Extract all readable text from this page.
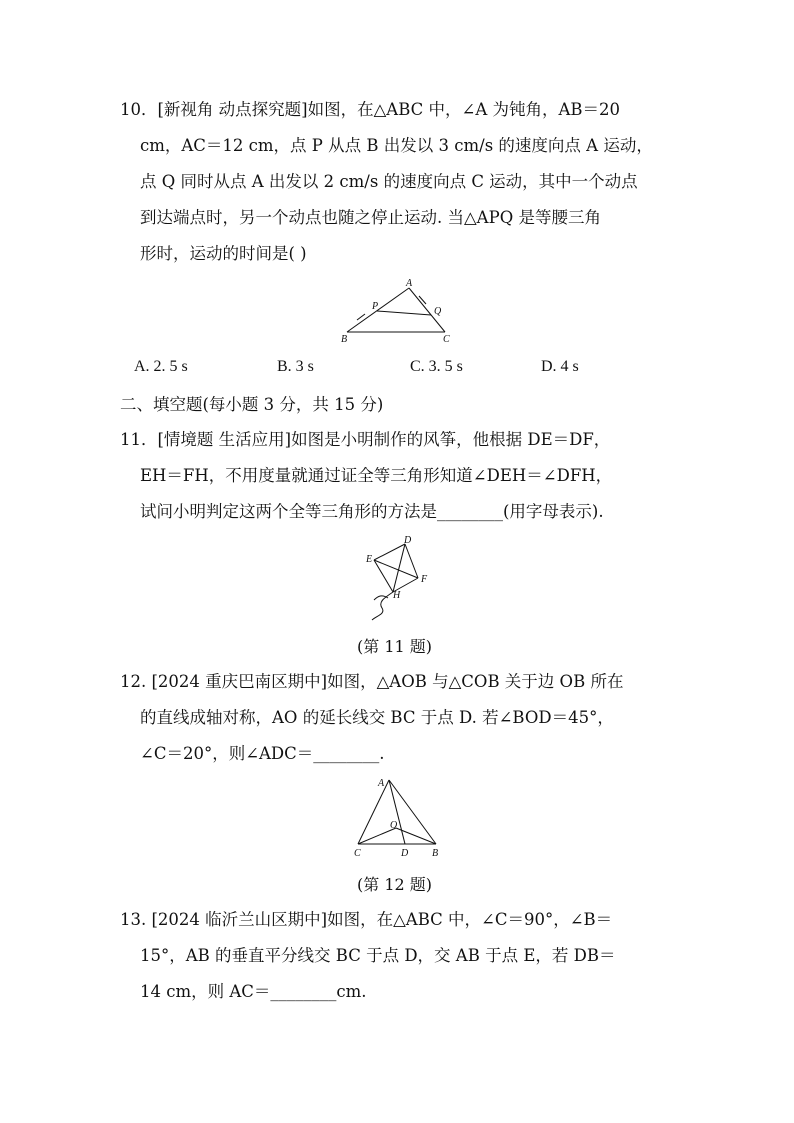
10．[新视角 动点探究题]如图，在△ABC 中，∠A 为钝角，AB＝20
cm，AC＝12 cm，点 P 从点 B 出发以 3 cm/s 的速度向点 A 运动，
点 Q 同时从点 A 出发以 2 cm/s 的速度向点 C 运动，其中一个动点
到达端点时，另一个动点也随之停止运动. 当△APQ 是等腰三角
形时，运动的时间是( )
A
P	Q
B	C
A. 2. 5 s	B. 3 s	C. 3. 5 s	D. 4 s
二、填空题(每小题 3 分，共 15 分)
11．[情境题 生活应用]如图是小明制作的风筝，他根据 DE＝DF，
EH＝FH，不用度量就通过证全等三角形知道∠DEH＝∠DFH，
试问小明判定这两个全等三角形的方法是________(用字母表示).
D
E
F
H
(第 11 题)
12. [2024 重庆巴南区期中]如图，△AOB 与△COB 关于边 OB 所在
的直线成轴对称，AO 的延长线交 BC 于点 D. 若∠BOD＝45°，
∠C＝20°，则∠ADC＝________.
A
O
C	D B
(第 12 题)
13. [2024 临沂兰山区期中]如图，在△ABC 中，∠C＝90°，∠B＝
15°，AB 的垂直平分线交 BC 于点 D，交 AB 于点 E，若 DB＝
14 cm，则 AC＝________cm.
